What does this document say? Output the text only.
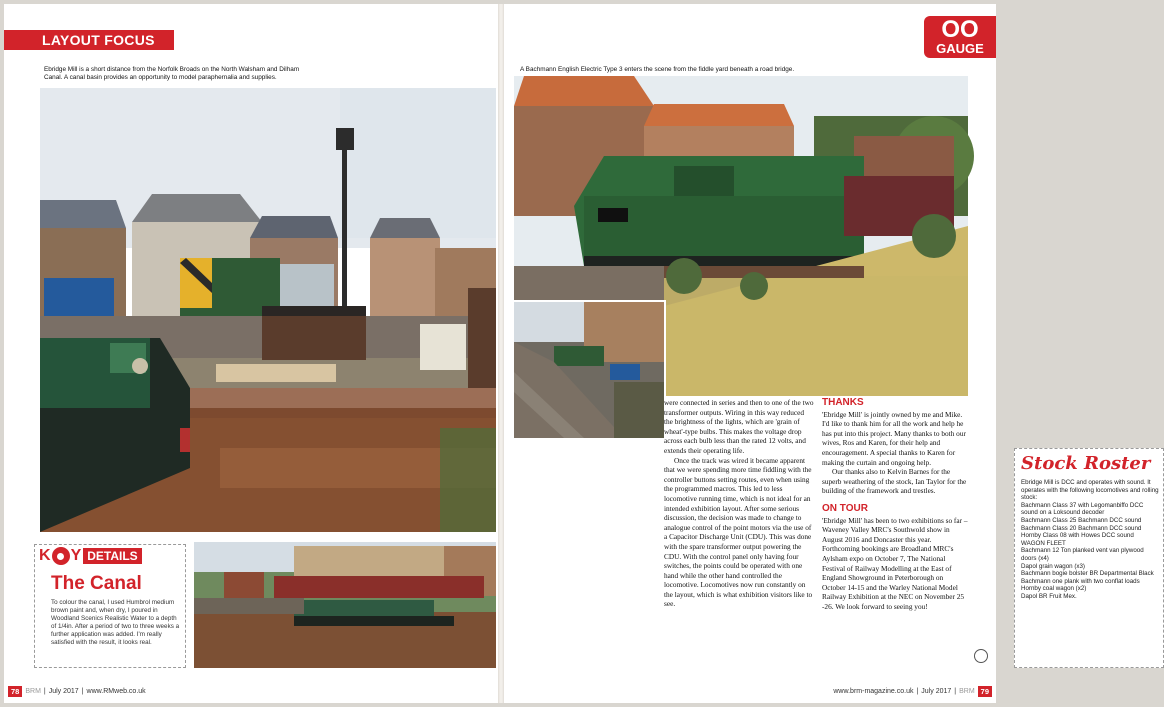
LAYOUT FOCUS

Ebridge Mill is a short distance from the Norfolk Broads on the North Walsham and Dilham Canal. A canal basin provides an opportunity to model paraphernalia and supplies.

K Y DETAILS
The Canal

To colour the canal, I used Humbrol medium brown paint and, when dry, I poured in Woodland Scenics Realistic Water to a depth of 1/4in. After a period of two to three weeks a further application was added. I'm really satisfied with the result, it looks real.

78 BRM | July 2017 | www.RMweb.co.uk
OO
GAUGE

A Bachmann English Electric Type 3 enters the scene from the fiddle yard beneath a road bridge.

Stock Roster
Ebridge Mill is DCC and operates with sound. It operates with the following locomotives and rolling stock:
Bachmann Class 37 with Legomanbiffo DCC sound on a Loksound decoder
Bachmann Class 25 Bachmann DCC sound
Bachmann Class 20 Bachmann DCC sound
Hornby Class 08 with Howes DCC sound
WAGON FLEET
Bachmann 12 Ton planked vent van plywood doors (x4)
Dapol grain wagon (x3)
Bachmann bogie bolster BR Departmental Black
Bachmann one plank with two conflat loads
Hornby coal wagon (x2)
Dapol BR Fruit Mex.

were connected in series and then to one of the two transformer outputs. Wiring in this way reduced the brightness of the lights, which are 'grain of wheat'-type bulbs. This makes the voltage drop across each bulb less than the rated 12 volts, and extends their operating life.

Once the track was wired it became apparent that we were spending more time fiddling with the controller buttons setting routes, even when using the programmed macros. This led to less locomotive running time, which is not ideal for an intended exhibition layout. After some serious discussion, the decision was made to change to analogue control of the point motors via the use of a Capacitor Discharge Unit (CDU). This was done with the spare transformer output powering the CDU. With the control panel only having four switches, the points could be operated with one hand while the other hand controlled the locomotive. Locomotives now run constantly on the layout, which is what exhibition visitors like to see.

THANKS

'Ebridge Mill' is jointly owned by me and Mike. I'd like to thank him for all the work and help he has put into this project. Many thanks to both our wives, Ros and Karen, for their help and encouragement. A special thanks to Karen for making the curtain and ongoing help.

Our thanks also to Kelvin Barnes for the superb weathering of the stock, Ian Taylor for the building of the framework and trestles.

ON TOUR

'Ebridge Mill' has been to two exhibitions so far – Waveney Valley MRC's Southwold show in August 2016 and Doncaster this year. Forthcoming bookings are Broadland MRC's Aylsham expo on October 7, The National Festival of Railway Modelling at the East of England Showground in Peterborough on October 14-15 and the Warley National Model Railway Exhibition at the NEC on November 25 -26. We look forward to seeing you!

www.brm-magazine.co.uk | July 2017 | BRM 79
